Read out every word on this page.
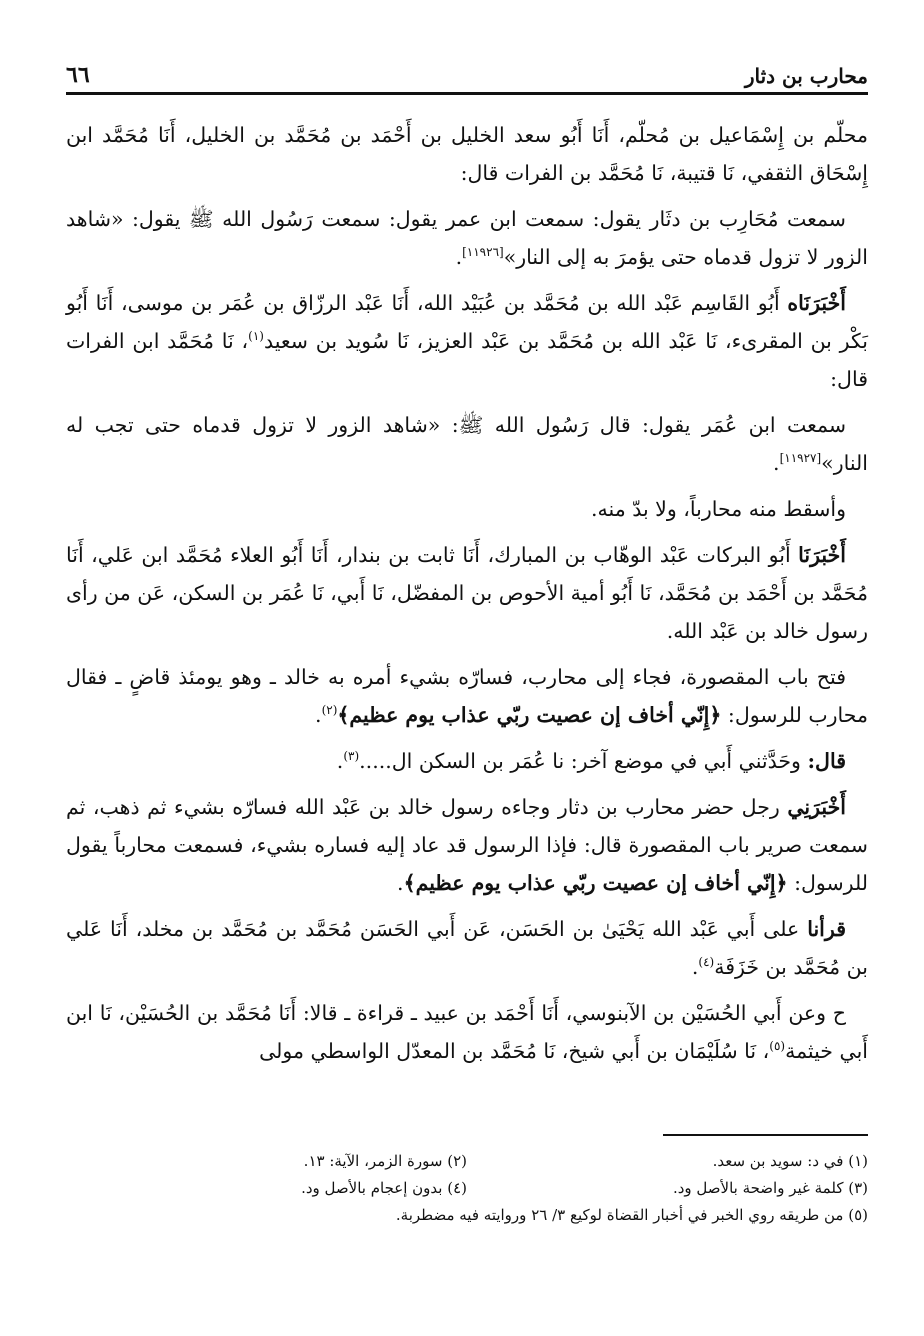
محارب بن دثار
٦٦

محلّم بن إِسْمَاعيل بن مُحلّم، أَنَا أَبُو سعد الخليل بن أَحْمَد بن مُحَمَّد بن الخليل، أَنَا مُحَمَّد ابن إِسْحَاق الثقفي، نَا قتيبة، نَا مُحَمَّد بن الفرات قال:

سمعت مُحَارِب بن دثَار يقول: سمعت ابن عمر يقول: سمعت رَسُول الله ﷺ يقول: «شاهد الزور لا تزول قدماه حتى يؤمرَ به إلى النار»[١١٩٢٦].

أَخْبَرَنَاه أَبُو القَاسِم عَبْد الله بن مُحَمَّد بن عُبَيْد الله، أَنَا عَبْد الرزّاق بن عُمَر بن موسى، أَنَا أَبُو بَكْر بن المقرىء، نَا عَبْد الله بن مُحَمَّد بن عَبْد العزيز، نَا سُويد بن سعيد$^{(١)}$، نَا مُحَمَّد ابن الفرات قال:

سمعت ابن عُمَر يقول: قال رَسُول الله ﷺ: «شاهد الزور لا تزول قدماه حتى تجب له النار»[١١٩٢٧].

وأسقط منه محارباً، ولا بدّ منه.

أَخْبَرَنَا أَبُو البركات عَبْد الوهّاب بن المبارك، أَنَا ثابت بن بندار، أَنَا أَبُو العلاء مُحَمَّد ابن عَلي، أَنَا مُحَمَّد بن أَحْمَد بن مُحَمَّد، نَا أَبُو أمية الأحوص بن المفضّل، نَا أَبي، نَا عُمَر بن السكن، عَن من رأى رسول خالد بن عَبْد الله.

فتح باب المقصورة، فجاء إلى محارب، فسارّه بشيء أمره به خالد ـ وهو يومئذ قاضٍ ـ فقال محارب للرسول: ﴿إِنّي أخاف إن عصيت ربّي عذاب يوم عظيم﴾$^{(٢)}$.

قال: وحَدَّثني أَبي في موضع آخر: نا عُمَر بن السكن ال.....$^{(٣)}$.

أَخْبَرَنِي رجل حضر محارب بن دثار وجاءه رسول خالد بن عَبْد الله فسارّه بشيء ثم ذهب، ثم سمعت صرير باب المقصورة قال: فإذا الرسول قد عاد إليه فساره بشيء، فسمعت محارباً يقول للرسول: ﴿إِنّي أخاف إن عصيت ربّي عذاب يوم عظيم﴾.

قرأنا على أَبي عَبْد الله يَحْيَىٰ بن الحَسَن، عَن أَبي الحَسَن مُحَمَّد بن مُحَمَّد بن مخلد، أَنَا عَلي بن مُحَمَّد بن خَزَفَة$^{(٤)}$.

ح وعن أَبي الحُسَيْن بن الآبنوسي، أَنَا أَحْمَد بن عبيد ـ قراءة ـ قالا: أَنَا مُحَمَّد بن الحُسَيْن، نَا ابن أَبي خيثمة$^{(٥)}$، نَا سُلَيْمَان بن أَبي شيخ، نَا مُحَمَّد بن المعدّل الواسطي مولى

(١) في د: سويد بن سعد.
(٢) سورة الزمر، الآية: ١٣.
(٣) كلمة غير واضحة بالأصل ود.
(٤) بدون إعجام بالأصل ود.
(٥) من طريقه روي الخبر في أخبار القضاة لوكيع ٣/ ٢٦ وروايته فيه مضطربة.
